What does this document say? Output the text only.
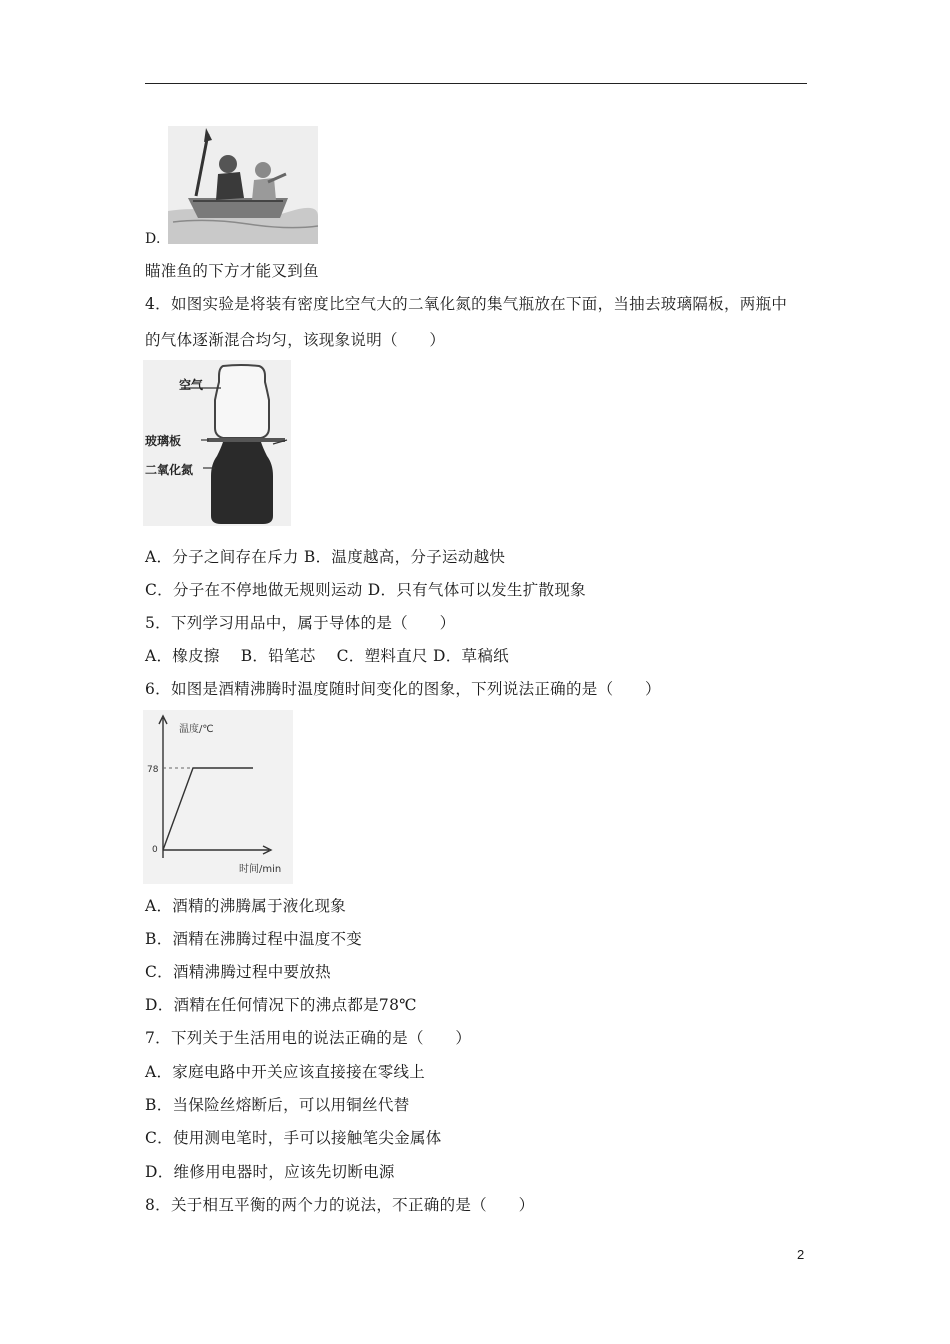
D.
瞄准鱼的下方才能叉到鱼
4．如图实验是将装有密度比空气大的二氧化氮的集气瓶放在下面，当抽去玻璃隔板，两瓶中
的气体逐渐混合均匀，该现象说明（　　）
空气
玻璃板
二氧化氮
A．分子之间存在斥力 B．温度越高，分子运动越快
C．分子在不停地做无规则运动 D．只有气体可以发生扩散现象
5．下列学习用品中，属于导体的是（　　）
A．橡皮擦　 B．铅笔芯　 C．塑料直尺 D．草稿纸
6．如图是酒精沸腾时温度随时间变化的图象，下列说法正确的是（　　）
温度/℃
时间/min
0
78
A．酒精的沸腾属于液化现象
B．酒精在沸腾过程中温度不变
C．酒精沸腾过程中要放热
D．酒精在任何情况下的沸点都是78℃
7．下列关于生活用电的说法正确的是（　　）
A．家庭电路中开关应该直接接在零线上
B．当保险丝熔断后，可以用铜丝代替
C．使用测电笔时，手可以接触笔尖金属体
D．维修用电器时，应该先切断电源
8．关于相互平衡的两个力的说法，不正确的是（　　）
2
